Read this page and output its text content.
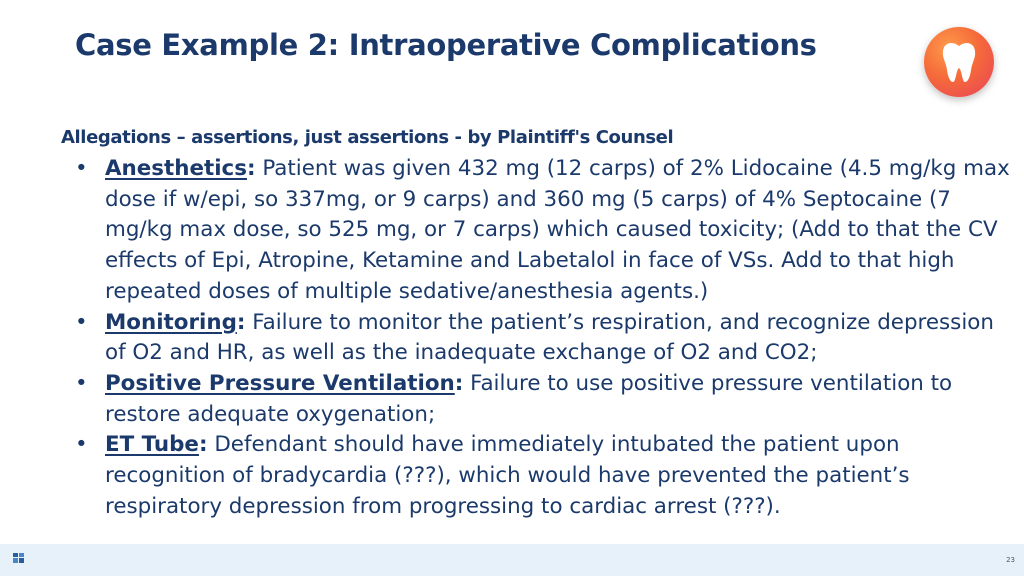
Case Example 2: Intraoperative Complications
Allegations – assertions, just assertions - by Plaintiff's Counsel
• Anesthetics: Patient was given 432 mg (12 carps) of 2% Lidocaine (4.5 mg/kg max dose if w/epi, so 337mg, or 9 carps) and 360 mg (5 carps) of 4% Septocaine (7 mg/kg max dose, so 525 mg, or 7 carps) which caused toxicity; (Add to that the CV effects of Epi, Atropine, Ketamine and Labetalol in face of VSs. Add to that high repeated doses of multiple sedative/anesthesia agents.)
• Monitoring: Failure to monitor the patient’s respiration, and recognize depression of O2 and HR, as well as the inadequate exchange of O2 and CO2;
• Positive Pressure Ventilation: Failure to use positive pressure ventilation to restore adequate oxygenation;
• ET Tube: Defendant should have immediately intubated the patient upon recognition of bradycardia (???), which would have prevented the patient’s respiratory depression from progressing to cardiac arrest (???).
23
